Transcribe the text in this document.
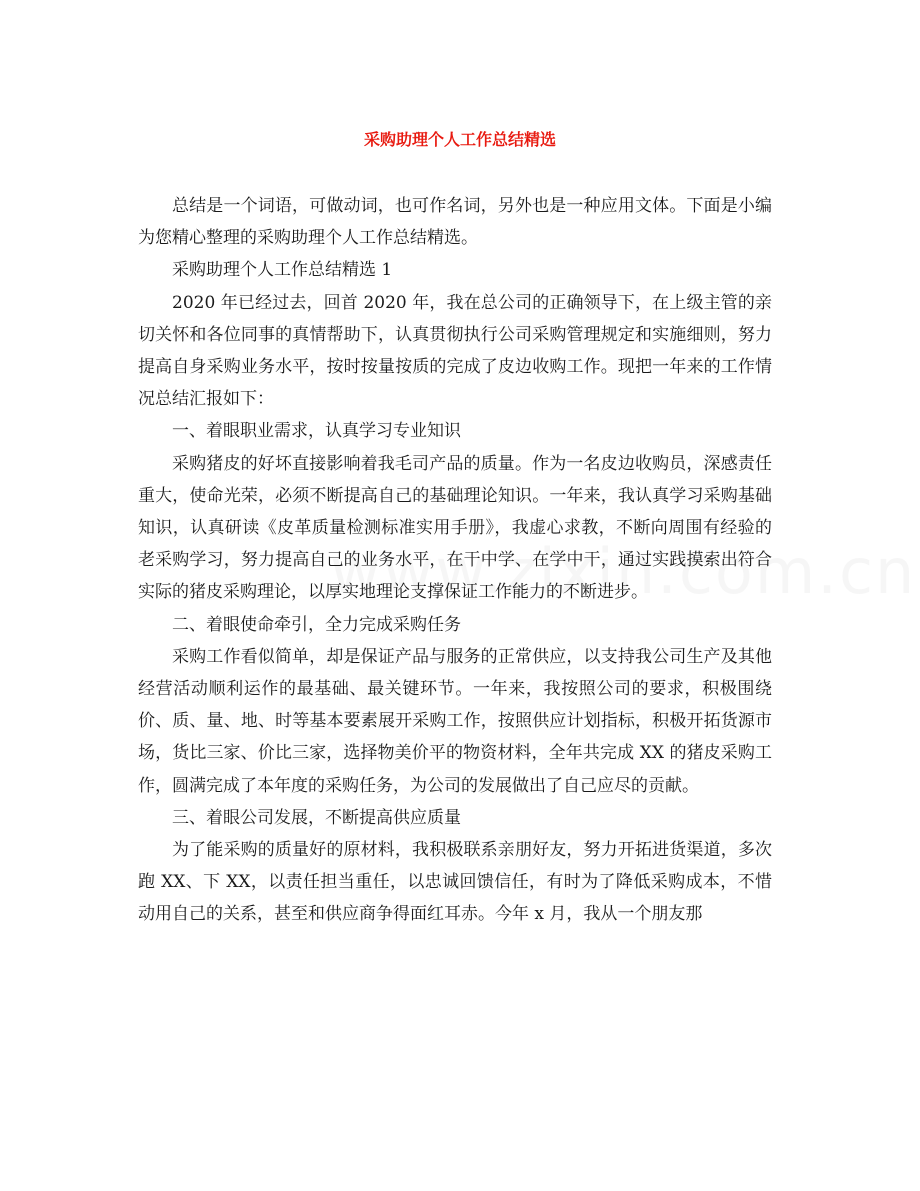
采购助理个人工作总结精选

总结是一个词语，可做动词，也可作名词，另外也是一种应用文体。下面是小编为您精心整理的采购助理个人工作总结精选。

采购助理个人工作总结精选 1

2020 年已经过去，回首 2020 年，我在总公司的正确领导下，在上级主管的亲切关怀和各位同事的真情帮助下，认真贯彻执行公司采购管理规定和实施细则，努力提高自身采购业务水平，按时按量按质的完成了皮边收购工作。现把一年来的工作情况总结汇报如下：

一、着眼职业需求，认真学习专业知识

采购猪皮的好坏直接影响着我毛司产品的质量。作为一名皮边收购员，深感责任重大，使命光荣，必须不断提高自己的基础理论知识。一年来，我认真学习采购基础知识，认真研读《皮革质量检测标准实用手册》，我虚心求教，不断向周围有经验的老采购学习，努力提高自己的业务水平，在干中学、在学中干，通过实践摸索出符合实际的猪皮采购理论，以厚实地理论支撑保证工作能力的不断进步。

二、着眼使命牵引，全力完成采购任务

采购工作看似简单，却是保证产品与服务的正常供应，以支持我公司生产及其他经营活动顺利运作的最基础、最关键环节。一年来，我按照公司的要求，积极围绕价、质、量、地、时等基本要素展开采购工作，按照供应计划指标，积极开拓货源市场，货比三家、价比三家，选择物美价平的物资材料，全年共完成 XX 的猪皮采购工作，圆满完成了本年度的采购任务，为公司的发展做出了自己应尽的贡献。

三、着眼公司发展，不断提高供应质量

为了能采购的质量好的原材料，我积极联系亲朋好友，努力开拓进货渠道，多次跑 XX、下 XX，以责任担当重任，以忠诚回馈信任，有时为了降低采购成本，不惜动用自己的关系，甚至和供应商争得面红耳赤。今年 x 月，我从一个朋友那
